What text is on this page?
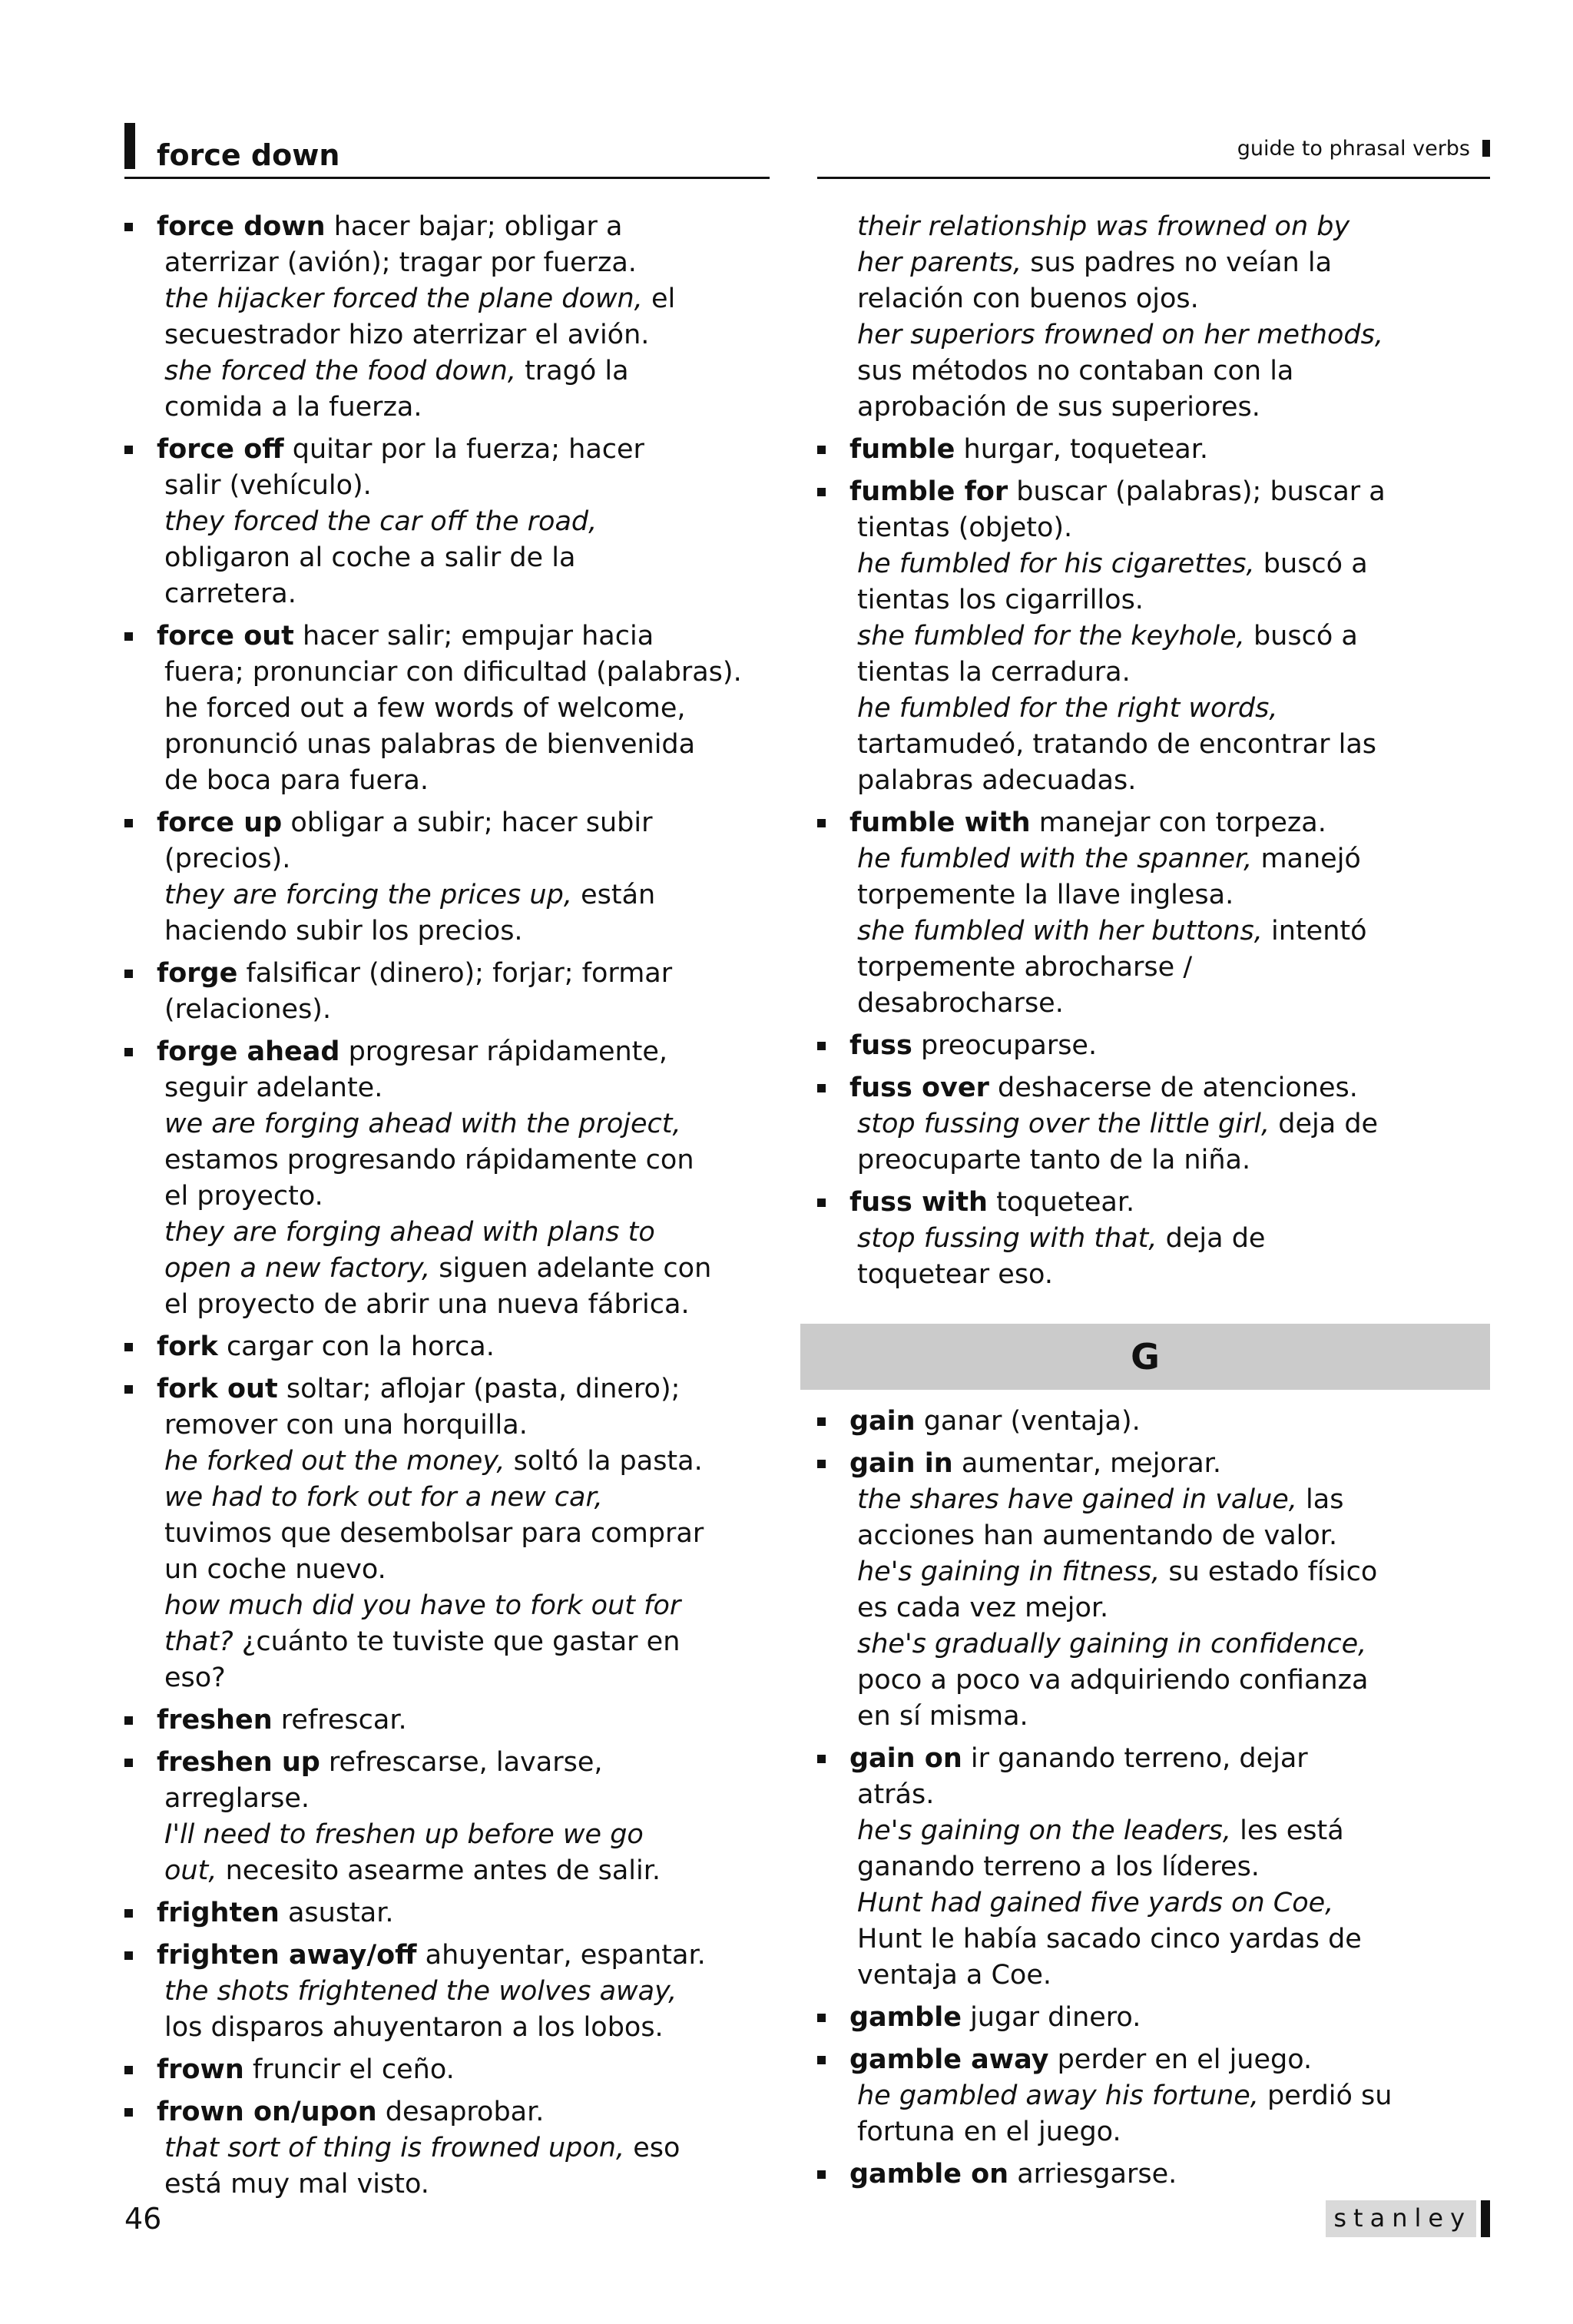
force down	guide to phrasal verbs
force down hacer bajar; obligar a
aterrizar (avión); tragar por fuerza.
the hijacker forced the plane down, el
secuestrador hizo aterrizar el avión.
she forced the food down, tragó la
comida a la fuerza.
force off quitar por la fuerza; hacer
salir (vehículo).
they forced the car off the road,
obligaron al coche a salir de la
carretera.
force out hacer salir; empujar hacia
fuera; pronunciar con dificultad (palabras).
he forced out a few words of welcome,
pronunció unas palabras de bienvenida
de boca para fuera.
force up obligar a subir; hacer subir
(precios).
they are forcing the prices up, están
haciendo subir los precios.
forge falsificar (dinero); forjar; formar
(relaciones).
forge ahead progresar rápidamente,
seguir adelante.
we are forging ahead with the project,
estamos progresando rápidamente con
el proyecto.
they are forging ahead with plans to
open a new factory, siguen adelante con
el proyecto de abrir una nueva fábrica.
fork cargar con la horca.
fork out soltar; aflojar (pasta, dinero);
remover con una horquilla.
he forked out the money, soltó la pasta.
we had to fork out for a new car,
tuvimos que desembolsar para comprar
un coche nuevo.
how much did you have to fork out for
that? ¿cuánto te tuviste que gastar en
eso?
freshen refrescar.
freshen up refrescarse, lavarse,
arreglarse.
I'll need to freshen up before we go
out, necesito asearme antes de salir.
frighten asustar.
frighten away/off ahuyentar, espantar.
the shots frightened the wolves away,
los disparos ahuyentaron a los lobos.
frown fruncir el ceño.
frown on/upon desaprobar.
that sort of thing is frowned upon, eso
está muy mal visto.
their relationship was frowned on by
her parents, sus padres no veían la
relación con buenos ojos.
her superiors frowned on her methods,
sus métodos no contaban con la
aprobación de sus superiores.
fumble hurgar, toquetear.
fumble for buscar (palabras); buscar a
tientas (objeto).
he fumbled for his cigarettes, buscó a
tientas los cigarrillos.
she fumbled for the keyhole, buscó a
tientas la cerradura.
he fumbled for the right words,
tartamudeó, tratando de encontrar las
palabras adecuadas.
fumble with manejar con torpeza.
he fumbled with the spanner, manejó
torpemente la llave inglesa.
she fumbled with her buttons, intentó
torpemente abrocharse /
desabrocharse.
fuss preocuparse.
fuss over deshacerse de atenciones.
stop fussing over the little girl, deja de
preocuparte tanto de la niña.
fuss with toquetear.
stop fussing with that, deja de
toquetear eso.
G
gain ganar (ventaja).
gain in aumentar, mejorar.
the shares have gained in value, las
acciones han aumentando de valor.
he's gaining in fitness, su estado físico
es cada vez mejor.
she's gradually gaining in confidence,
poco a poco va adquiriendo confianza
en sí misma.
gain on ir ganando terreno, dejar
atrás.
he's gaining on the leaders, les está
ganando terreno a los líderes.
Hunt had gained five yards on Coe,
Hunt le había sacado cinco yardas de
ventaja a Coe.
gamble jugar dinero.
gamble away perder en el juego.
he gambled away his fortune, perdió su
fortuna en el juego.
gamble on arriesgarse.
46	stanley
